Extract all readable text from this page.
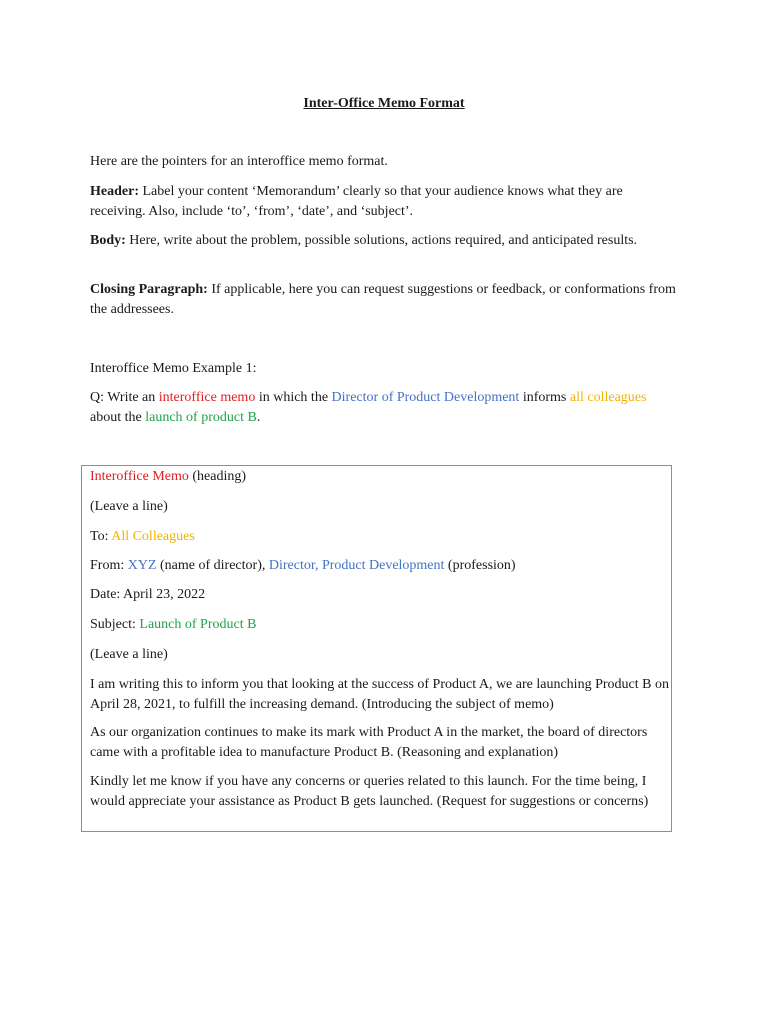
Inter-Office Memo Format

Here are the pointers for an interoffice memo format.

Header: Label your content ‘Memorandum’ clearly so that your audience knows what they are receiving. Also, include ‘to’, ‘from’, ‘date’, and ‘subject’.

Body: Here, write about the problem, possible solutions, actions required, and anticipated results.

Closing Paragraph: If applicable, here you can request suggestions or feedback, or conformations from the addressees.

Interoffice Memo Example 1:

Q: Write an interoffice memo in which the Director of Product Development informs all colleagues about the launch of product B.

Interoffice Memo (heading)

(Leave a line)

To: All Colleagues

From: XYZ (name of director), Director, Product Development (profession)

Date: April 23, 2022

Subject: Launch of Product B

(Leave a line)

I am writing this to inform you that looking at the success of Product A, we are launching Product B on April 28, 2021, to fulfill the increasing demand. (Introducing the subject of memo)

As our organization continues to make its mark with Product A in the market, the board of directors came with a profitable idea to manufacture Product B. (Reasoning and explanation)

Kindly let me know if you have any concerns or queries related to this launch. For the time being, I would appreciate your assistance as Product B gets launched. (Request for suggestions or concerns)
